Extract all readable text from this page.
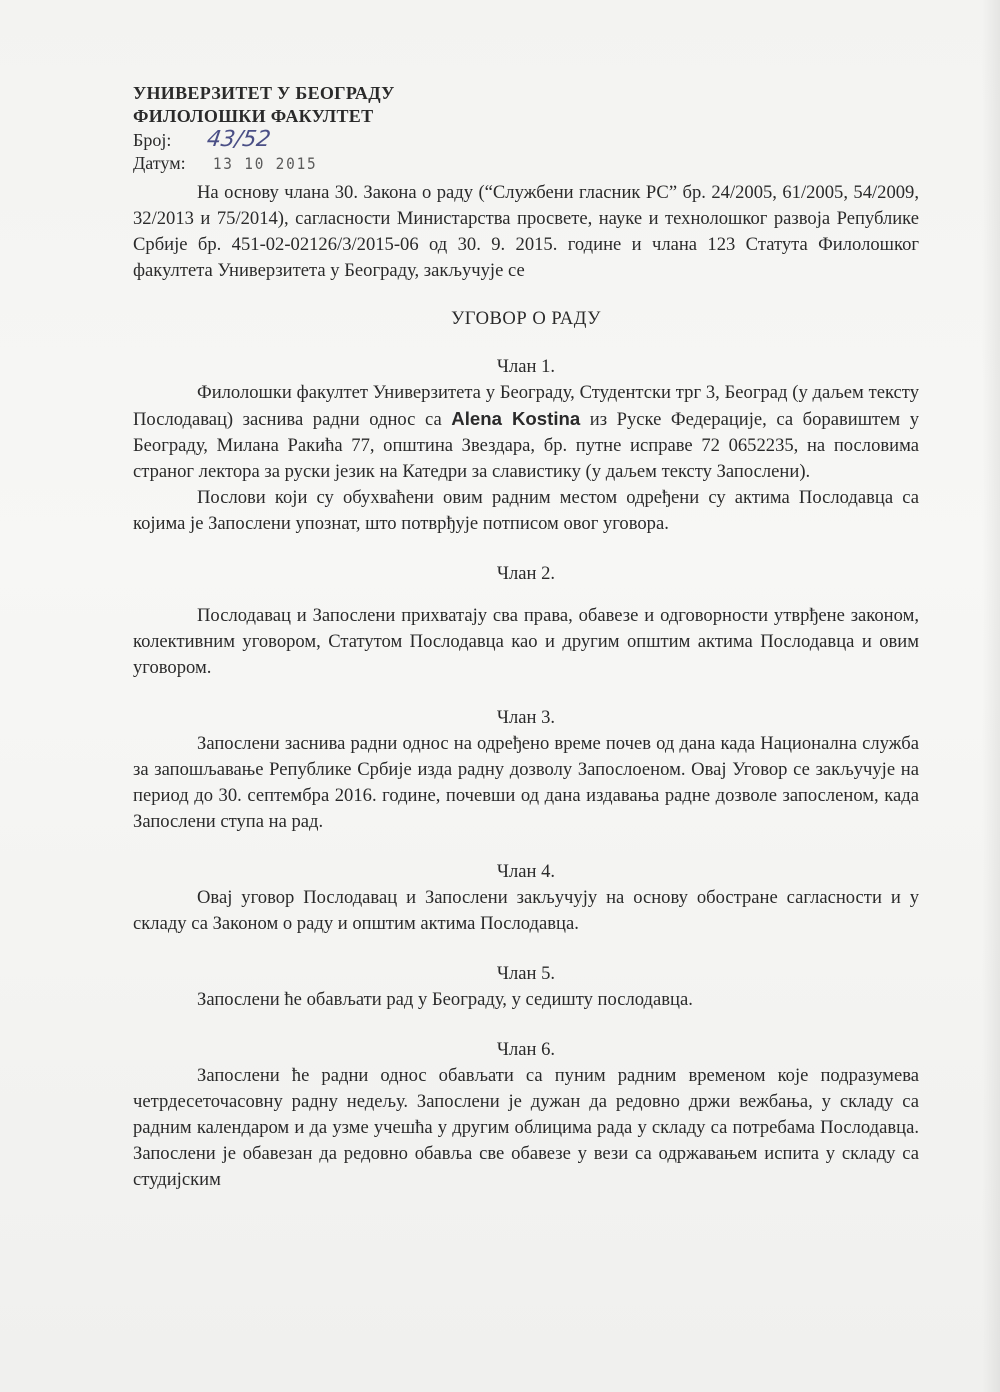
УНИВЕРЗИТЕТ У БЕОГРАДУ
ФИЛОЛОШКИ ФАКУЛТЕТ
Број:	43/52
Датум:	13 10 2015

На основу члана 30. Закона о раду (“Службени гласник РС” бр. 24/2005, 61/2005, 54/2009, 32/2013 и 75/2014), сагласности Министарства просвете, науке и технолошког развоја Републике Србије бр. 451-02-02126/3/2015-06 од 30. 9. 2015. године и члана 123 Статута Филолошког факултета Универзитета у Београду, закључује се

УГОВОР О РАДУ

Члан 1.

Филолошки факултет Универзитета у Београду, Студентски трг 3, Београд (у даљем тексту Послодавац) заснива радни однос са Alena Kostina из Руске Федерације, са боравиштем у Београду, Милана Ракића 77, општина Звездара, бр. путне исправе 72 0652235, на пословима страног лектора за руски језик на Катедри за славистику (у даљем тексту Запослени).

Послови који су обухваћени овим радним местом одређени су актима Послодавца са којима је Запослени упознат, што потврђује потписом овог уговора.

Члан 2.

Послодавац и Запослени прихватају сва права, обавезе и одговорности утврђене законом, колективним уговором, Статутом Послодавца као и другим општим актима Послодавца и овим уговором.

Члан 3.

Запослени заснива радни однос на одређено време почев од дана када Национална служба за запошљавање Републике Србије изда радну дозволу Запослоеном. Овај Уговор се закључује на период до 30. септембра 2016. године, почевши од дана издавања радне дозволе запосленом, када Запослени ступа на рад.

Члан 4.

Овај уговор Послодавац и Запослени закључују на основу обостране сагласности и у складу са Законом о раду и општим актима Послодавца.

Члан 5.

Запослени ће обављати рад у Београду, у седишту послодавца.

Члан 6.

Запослени ће радни однос обављати са пуним радним временом које подразумева четрдесеточасовну радну недељу. Запослени је дужан да редовно држи вежбања, у складу са радним календаром и да узме учешћа у другим облицима рада у складу са потребама Послодавца. Запослени је обавезан да редовно обавља све обавезе у вези са одржавањем испита у складу са студијским
